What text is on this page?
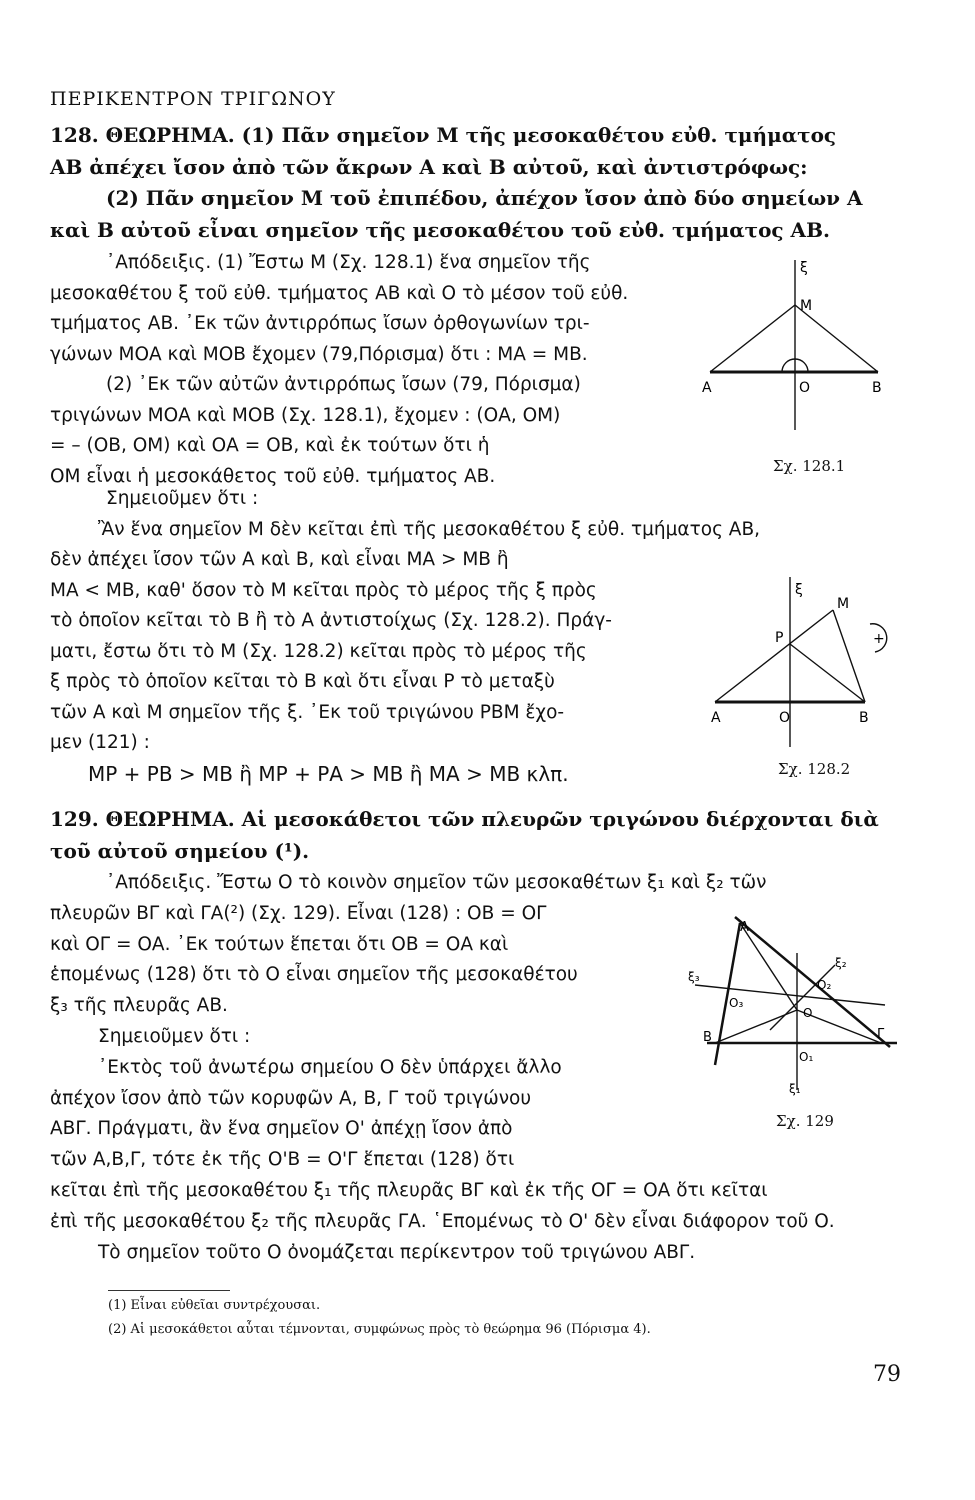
ΠΕΡΙΚΕΝΤΡΟΝ ΤΡΙΓΩΝΟΥ
128. ΘΕΩΡΗΜΑ. (1) Πᾶν σημεῖον Μ τῆς μεσοκαθέτου εὐθ. τμήματος
ΑΒ ἀπέχει ἴσον ἀπὸ τῶν ἄκρων Α καὶ Β αὐτοῦ, καὶ ἀντιστρόφως:
(2) Πᾶν σημεῖον Μ τοῦ ἐπιπέδου, ἀπέχον ἴσον ἀπὸ δύο σημείων Α
καὶ Β αὐτοῦ εἶναι σημεῖον τῆς μεσοκαθέτου τοῦ εὐθ. τμήματος ΑΒ.
᾿Απόδειξις. (1) Ἔστω Μ (Σχ. 128.1) ἕνα σημεῖον τῆς
μεσοκαθέτου ξ τοῦ εὐθ. τμήματος ΑΒ καὶ Ο τὸ μέσον τοῦ εὐθ.
τμήματος ΑΒ. ᾿Εκ τῶν ἀντιρρόπως ἴσων ὀρθογωνίων τρι-
γώνων ΜΟΑ καὶ ΜΟΒ ἔχομεν (79,Πόρισμα) ὅτι : ΜΑ = ΜΒ.
(2) ᾿Εκ τῶν αὐτῶν ἀντιρρόπως ἴσων (79, Πόρισμα)
τριγώνων ΜΟΑ καὶ ΜΟΒ (Σχ. 128.1), ἔχομεν : (ΟΑ, ΟΜ)
= – (ΟΒ, ΟΜ) καὶ ΟΑ = ΟΒ, καὶ ἐκ τούτων ὅτι ἡ
ΟΜ εἶναι ἡ μεσοκάθετος τοῦ εὐθ. τμήματος ΑΒ.
Σημειοῦμεν ὅτι :
Ἂν ἕνα σημεῖον Μ δὲν κεῖται ἐπὶ τῆς μεσοκαθέτου ξ εὐθ. τμήματος ΑΒ,
δὲν ἀπέχει ἴσον τῶν Α καὶ Β, καὶ εἶναι ΜΑ > ΜΒ ἢ
ΜΑ < ΜΒ, καθ' ὅσον τὸ Μ κεῖται πρὸς τὸ μέρος τῆς ξ πρὸς
τὸ ὁποῖον κεῖται τὸ Β ἢ τὸ Α ἀντιστοίχως (Σχ. 128.2). Πράγ-
ματι, ἔστω ὅτι τὸ Μ (Σχ. 128.2) κεῖται πρὸς τὸ μέρος τῆς
ξ πρὸς τὸ ὁποῖον κεῖται τὸ Β καὶ ὅτι εἶναι Ρ τὸ μεταξὺ
τῶν Α καὶ Μ σημεῖον τῆς ξ. ᾿Εκ τοῦ τριγώνου ΡΒΜ ἔχο-
μεν (121) :
ΜΡ + ΡΒ > ΜΒ ἢ ΜΡ + ΡΑ > ΜΒ ἢ ΜΑ > ΜΒ κλπ.
129. ΘΕΩΡΗΜΑ. Αἱ μεσοκάθετοι τῶν πλευρῶν τριγώνου διέρχονται διὰ
τοῦ αὐτοῦ σημείου (¹).
᾿Απόδειξις. Ἔστω Ο τὸ κοινὸν σημεῖον τῶν μεσοκαθέτων ξ₁ καὶ ξ₂ τῶν
πλευρῶν ΒΓ καὶ ΓΑ(²) (Σχ. 129). Εἶναι (128) : ΟΒ = ΟΓ
καὶ ΟΓ = ΟΑ. ᾿Εκ τούτων ἕπεται ὅτι ΟΒ = ΟΑ καὶ
ἑπομένως (128) ὅτι τὸ Ο εἶναι σημεῖον τῆς μεσοκαθέτου
ξ₃ τῆς πλευρᾶς ΑΒ.
Σημειοῦμεν ὅτι :
᾿Εκτὸς τοῦ ἀνωτέρω σημείου Ο δὲν ὑπάρχει ἄλλο
ἀπέχον ἴσον ἀπὸ τῶν κορυφῶν Α, Β, Γ τοῦ τριγώνου
ΑΒΓ. Πράγματι, ἂν ἕνα σημεῖον Ο' ἀπέχῃ ἴσον ἀπὸ
τῶν Α,Β,Γ, τότε ἐκ τῆς Ο'Β = Ο'Γ ἕπεται (128) ὅτι
κεῖται ἐπὶ τῆς μεσοκαθέτου ξ₁ τῆς πλευρᾶς ΒΓ καὶ ἐκ τῆς ΟΓ = ΟΑ ὅτι κεῖται
ἐπὶ τῆς μεσοκαθέτου ξ₂ τῆς πλευρᾶς ΓΑ. ῾Επομένως τὸ Ο' δὲν εἶναι διάφορον τοῦ Ο.
Τὸ σημεῖον τοῦτο Ο ὀνομάζεται περίκεντρον τοῦ τριγώνου ΑΒΓ.
ξ
Μ
Α	Ο	Β
Σχ. 128.1
ξ
Μ
Ρ	+
Α	Ο	Β
Σχ. 128.2
Α
Β	Γ
Ο
Ο₁
Ο₂
Ο₃
ξ₁
ξ₂
ξ₃
Σχ. 129
(1) Εἶναι εὐθεῖαι συντρέχουσαι.
(2) Αἱ μεσοκάθετοι αὗται τέμνονται, συμφώνως πρὸς τὸ θεώρημα 96 (Πόρισμα 4).
79
